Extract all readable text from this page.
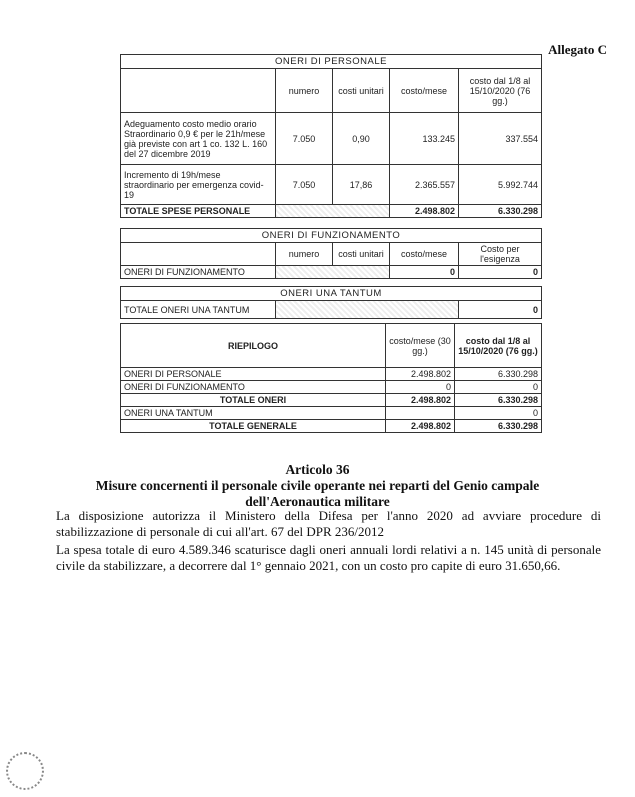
Allegato C
ONERI DI PERSONALE				
	numero	costi unitari	costo/mese	costo dal 1/8 al 15/10/2020 (76 gg.)
Adeguamento costo medio orario Straordinario 0,9 € per le 21h/mese già previste con art 1 co. 132 L. 160 del 27 dicembre 2019	7.050	0,90	133.245	337.554
Incremento di 19h/mese straordinario per emergenza covid-19	7.050	17,86	2.365.557	5.992.744
TOTALE SPESE PERSONALE			2.498.802	6.330.298
ONERI DI FUNZIONAMENTO				
	numero	costi unitari	costo/mese	Costo per l'esigenza
ONERI DI FUNZIONAMENTO			0	0
ONERI UNA TANTUM
TOTALE ONERI UNA TANTUM		0
RIEPILOGO	costo/mese (30 gg.)	costo dal 1/8 al 15/10/2020 (76 gg.)
ONERI DI PERSONALE	2.498.802	6.330.298
ONERI DI FUNZIONAMENTO	0	0
TOTALE ONERI	2.498.802	6.330.298
ONERI UNA TANTUM		0
TOTALE GENERALE	2.498.802	6.330.298
Articolo 36
Misure concernenti il personale civile operante nei reparti del Genio campale
dell'Aeronautica militare
La disposizione autorizza il Ministero della Difesa per l'anno 2020 ad avviare procedure di stabilizzazione di personale di cui all'art. 67 del DPR 236/2012
La spesa totale di euro 4.589.346 scaturisce dagli oneri annuali lordi relativi a n. 145 unità di personale civile da stabilizzare, a decorrere dal 1° gennaio 2021, con un costo pro capite di euro 31.650,66.
